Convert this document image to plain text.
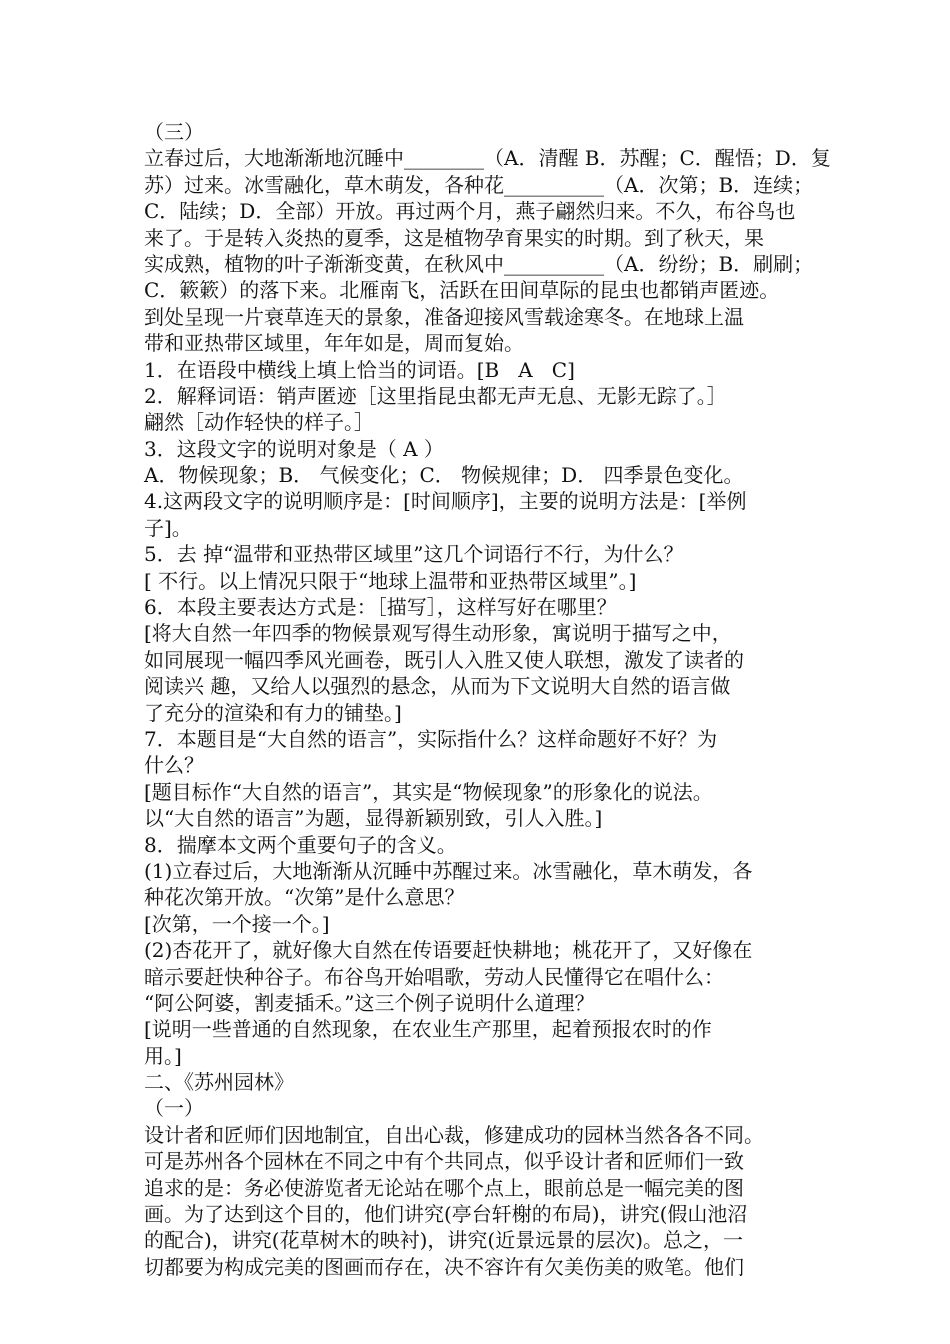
（三）
立春过后，大地渐渐地沉睡中________（A．清醒 B．苏醒；C．醒悟；D．复
苏）过来。冰雪融化，草木萌发，各种花__________（A．次第；B．连续；
C．陆续；D．全部）开放。再过两个月，燕子翩然归来。不久，布谷鸟也
来了。于是转入炎热的夏季，这是植物孕育果实的时期。到了秋天，果
实成熟，植物的叶子渐渐变黄，在秋风中__________（A．纷纷；B．刷刷；
C．簌簌）的落下来。北雁南飞，活跃在田间草际的昆虫也都销声匿迹。
到处呈现一片衰草连天的景象，准备迎接风雪载途寒冬。在地球上温
带和亚热带区域里，年年如是，周而复始。
1．在语段中横线上填上恰当的词语。[B   A   C]
2．解释词语：销声匿迹［这里指昆虫都无声无息、无影无踪了。］
翩然［动作轻快的样子。］
3．这段文字的说明对象是（ A ）
A．物候现象；B． 气候变化；C． 物候规律；D． 四季景色变化。
4.这两段文字的说明顺序是：[时间顺序]，主要的说明方法是：[举例
子]。
5．去 掉“温带和亚热带区域里”这几个词语行不行，为什么？
[ 不行。以上情况只限于“地球上温带和亚热带区域里”。]
6．本段主要表达方式是：［描写］，这样写好在哪里？
[将大自然一年四季的物候景观写得生动形象，寓说明于描写之中，
如同展现一幅四季风光画卷，既引人入胜又使人联想，激发了读者的
阅读兴 趣，又给人以强烈的悬念，从而为下文说明大自然的语言做
了充分的渲染和有力的铺垫。]
7．本题目是“大自然的语言”，实际指什么？这样命题好不好？为
什么？
[题目标作“大自然的语言”，其实是“物候现象”的形象化的说法。
以“大自然的语言”为题，显得新颖别致，引人入胜。]
8．揣摩本文两个重要句子的含义。
(1)立春过后，大地渐渐从沉睡中苏醒过来。冰雪融化，草木萌发，各
种花次第开放。“次第”是什么意思？
[次第，一个接一个。]
(2)杏花开了，就好像大自然在传语要赶快耕地；桃花开了，又好像在
暗示要赶快种谷子。布谷鸟开始唱歌，劳动人民懂得它在唱什么：
“阿公阿婆，割麦插禾。”这三个例子说明什么道理？
[说明一些普通的自然现象，在农业生产那里，起着预报农时的作
用。]
二、《苏州园林》
（一）
设计者和匠师们因地制宜，自出心裁，修建成功的园林当然各各不同。
可是苏州各个园林在不同之中有个共同点，似乎设计者和匠师们一致
追求的是：务必使游览者无论站在哪个点上，眼前总是一幅完美的图
画。为了达到这个目的，他们讲究(亭台轩榭的布局)，讲究(假山池沼
的配合)，讲究(花草树木的映衬)，讲究(近景远景的层次)。总之，一
切都要为构成完美的图画而存在，决不容许有欠美伤美的败笔。他们
